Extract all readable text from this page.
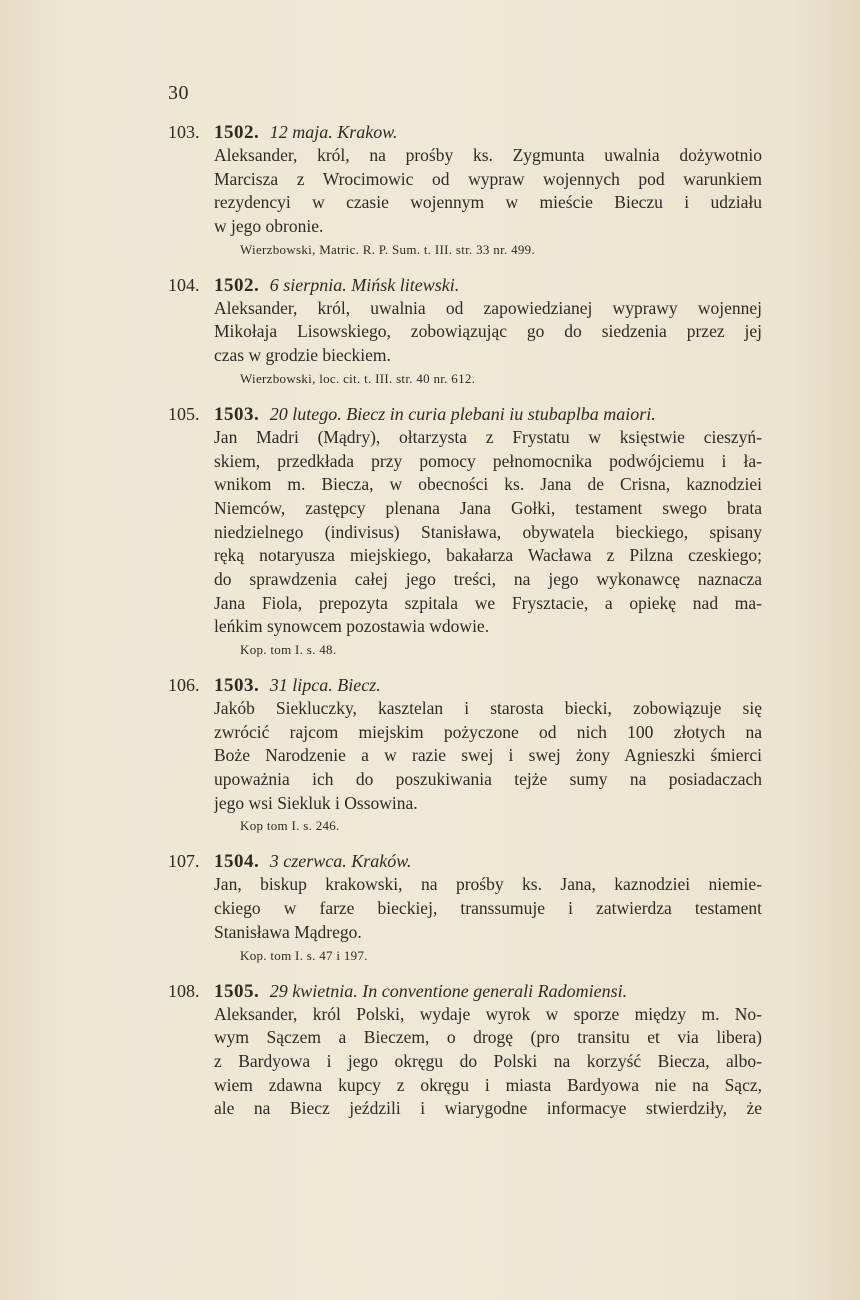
30
103. 1502. 12 maja. Krakow.
Aleksander, król, na prośby ks. Zygmunta uwalnia dożywotnio
Marcisza z Wrocimowic od wypraw wojennych pod warunkiem
rezydencyi w czasie wojennym w mieście Bieczu i udziału
w jego obronie.
Wierzbowski, Matric. R. P. Sum. t. III. str. 33 nr. 499.
104. 1502. 6 sierpnia. Mińsk litewski.
Aleksander, król, uwalnia od zapowiedzianej wyprawy wojennej
Mikołaja Lisowskiego, zobowiązując go do siedzenia przez jej
czas w grodzie bieckiem.
Wierzbowski, loc. cit. t. III. str. 40 nr. 612.
105. 1503. 20 lutego. Biecz in curia plebani iu stubaplba maiori.
Jan Madri (Mądry), ołtarzysta z Frystatu w księstwie cieszyń-
skiem, przedkłada przy pomocy pełnomocnika podwójciemu i ła-
wnikom m. Biecza, w obecności ks. Jana de Crisna, kaznodziei
Niemców, zastępcy plenana Jana Gołki, testament swego brata
niedzielnego (indivisus) Stanisława, obywatela bieckiego, spisany
ręką notaryusza miejskiego, bakałarza Wacława z Pilzna czeskiego;
do sprawdzenia całej jego treści, na jego wykonawcę naznacza
Jana Fiola, prepozyta szpitala we Frysztacie, a opiekę nad ma-
leńkim synowcem pozostawia wdowie.
Kop. tom I. s. 48.
106. 1503. 31 lipca. Biecz.
Jakób Siekluczky, kasztelan i starosta biecki, zobowiązuje się
zwrócić rajcom miejskim pożyczone od nich 100 złotych na
Boże Narodzenie a w razie swej i swej żony Agnieszki śmierci
upoważnia ich do poszukiwania tejże sumy na posiadaczach
jego wsi Siekluk i Ossowina.
Kop tom I. s. 246.
107. 1504. 3 czerwca. Kraków.
Jan, biskup krakowski, na prośby ks. Jana, kaznodziei niemie-
ckiego w farze bieckiej, transsumuje i zatwierdza testament
Stanisława Mądrego.
Kop. tom I. s. 47 i 197.
108. 1505. 29 kwietnia. In conventione generali Radomiensi.
Aleksander, król Polski, wydaje wyrok w sporze między m. No-
wym Sączem a Bieczem, o drogę (pro transitu et via libera)
z Bardyowa i jego okręgu do Polski na korzyść Biecza, albo-
wiem zdawna kupcy z okręgu i miasta Bardyowa nie na Sącz,
ale na Biecz jeździli i wiarygodne informacye stwierdziły, że
